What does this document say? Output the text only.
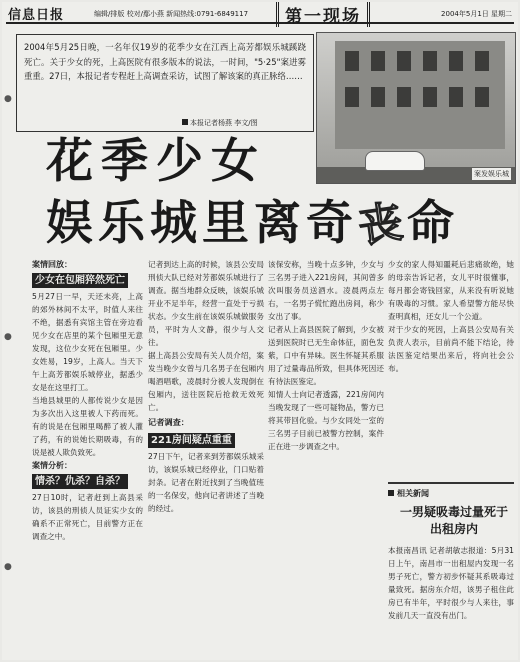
信息日报	编辑/排版 校对/鄢小燕 新闻热线:0791-6849117	第一现场	2004年5月1日 星期二
●
●
●
2004年5月25日晚，一名年仅19岁的花季少女在江西上高芳都娱乐城蹊跷死亡。关于少女的死，上高医院有很多版本的说法，一时间，"5·25"案进雾重重。27日，本报记者专程赶上高调查采访，试图了解该案的真正脉络……
本报记者杨燕 李文/图
案发娱乐城
花季少女
娱乐城里离奇丧命
案情回放：
少女在包厢猝然死亡
5月27日一早，天还未亮，上高的郊外林间不太平，时值人来往不绝，据悉有宾馆主管在旁边看见少女在店里的某个包厢里无意发现，这位少女死在包厢里。少女姓易，19岁，上高人。当天下午上高芳都娱乐城停业，据悉少女是在这里打工。
当地县城里的人都传说少女是因为多次出入这里被人下药而死。有的说是在包厢里喝醉了被人灌了药，有的说她长期吸毒，有的说是被人欺负致死。
案情分析：
情杀？仇杀？自杀？
27日10时，记者赶到上高县采访，该县的刑侦人员证实少女的确系不正常死亡，目前警方正在调查之中。
记者到达上高的时候，该县公安局刑侦大队已经对芳都娱乐城进行了调查。据当地群众反映，该娱乐城开业不足半年，经营一直处于亏损状态。少女生前在该娱乐城做服务员，平时为人文静，很少与人交往。
据上高县公安局有关人员介绍，案发当晚少女曾与几名男子在包厢内喝酒唱歌，凌晨时分被人发现倒在包厢内，送往医院后抢救无效死亡。

记者调查：
221房间疑点重重
27日下午，记者来到芳都娱乐城采访，该娱乐城已经停业，门口贴着封条。记者在附近找到了当晚值班的一名保安，他向记者讲述了当晚的经过。
该保安称，当晚十点多钟，少女与三名男子进入221房间，其间曾多次叫服务员送酒水。凌晨两点左右，一名男子慌忙跑出房间，称少女出了事。
记者从上高县医院了解到，少女被送到医院时已无生命体征，面色发紫，口中有异味。医生怀疑其系服用了过量毒品所致，但具体死因还有待法医鉴定。
知情人士向记者透露，221房间内当晚发现了一些可疑物品，警方已将其带回化验。与少女同处一室的三名男子目前已被警方控制，案件正在进一步调查之中。
少女的家人得知噩耗后悲痛欲绝，她的母亲告诉记者，女儿平时很懂事，每月都会寄钱回家，从来没有听说她有吸毒的习惯。家人希望警方能尽快查明真相，还女儿一个公道。
对于少女的死因，上高县公安局有关负责人表示，目前尚不能下结论，待法医鉴定结果出来后，将向社会公布。
相关新闻
一男疑吸毒过量死于出租房内
本报南昌讯 记者胡敏志报道：5月31日上午，南昌市一出租屋内发现一名男子死亡，警方初步怀疑其系吸毒过量致死。据房东介绍，该男子租住此房已有半年，平时很少与人来往，事发前几天一直没有出门。
